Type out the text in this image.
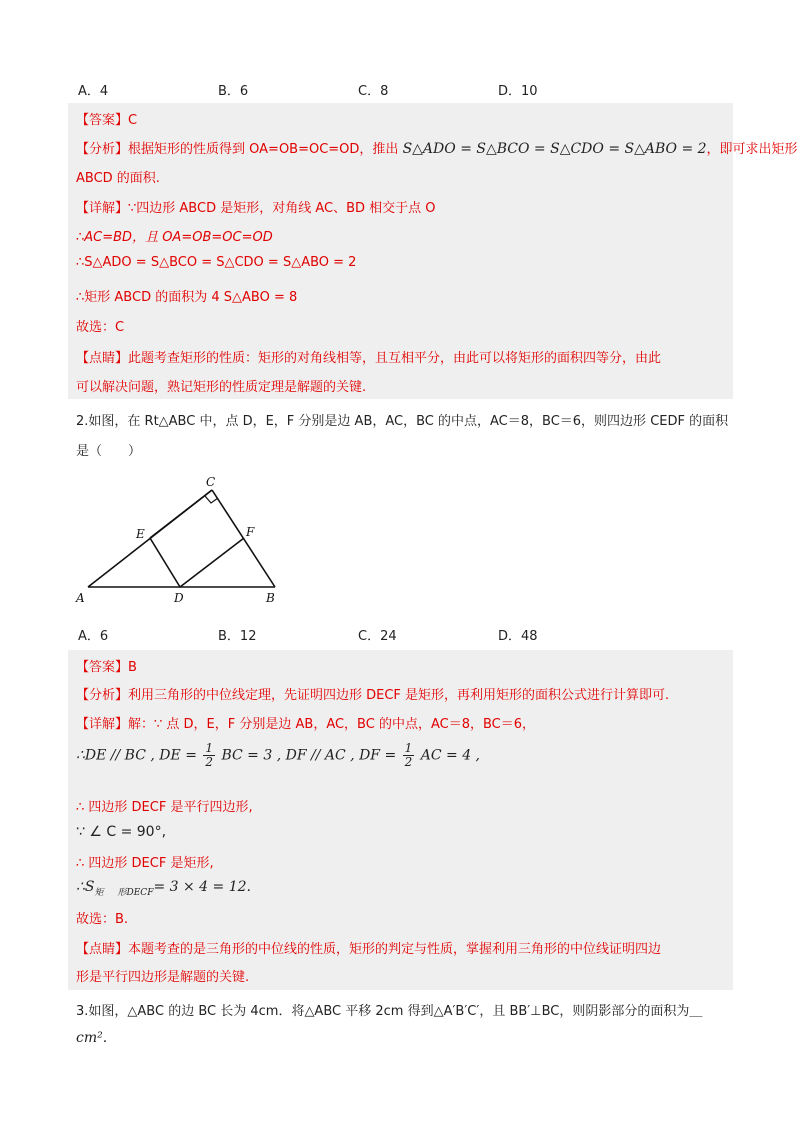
A．4	B．6	C．8	D．10
【答案】C
【分析】根据矩形的性质得到 OA=OB=OC=OD，推出 S△ADO = S△BCO = S△CDO = S△ABO = 2，即可求出矩形
ABCD 的面积.
【详解】∵四边形 ABCD 是矩形，对角线 AC、BD 相交于点 O
∴AC=BD，且 OA=OB=OC=OD
∴S△ADO = S△BCO = S△CDO = S△ABO = 2
∴矩形 ABCD 的面积为 4 S△ABO = 8
故选：C
【点睛】此题考查矩形的性质：矩形的对角线相等，且互相平分，由此可以将矩形的面积四等分，由此
可以解决问题，熟记矩形的性质定理是解题的关键.
2.如图，在 Rt△ABC 中，点 D，E，F 分别是边 AB，AC，BC 的中点，AC＝8，BC＝6，则四边形 CEDF 的面积
是（　　）
C
E	F
A	D	B
A．6	B．12	C．24	D．48
【答案】B
【分析】利用三角形的中位线定理，先证明四边形 DECF 是矩形，再利用矩形的面积公式进行计算即可.
【详解】解：∵ 点 D，E，F 分别是边 AB，AC，BC 的中点，AC＝8，BC＝6，
∴DE // BC , DE = $\frac{1}{2}$ BC = 3 , DF // AC , DF = $\frac{1}{2}$ AC = 4 ,
∴ 四边形 DECF 是平行四边形,
∵ ∠ C = 90°,
∴ 四边形 DECF 是矩形,
$\therefore S_矩$ $_{形DECF}$= 3 × 4 = 12.
故选：B.
【点睛】本题考查的是三角形的中位线的性质，矩形的判定与性质，掌握利用三角形的中位线证明四边
形是平行四边形是解题的关键.
3.如图，△ABC 的边 BC 长为 4cm．将△ABC 平移 2cm 得到△A′B′C′，且 BB′⊥BC，则阴影部分的面积为＿
cm².
